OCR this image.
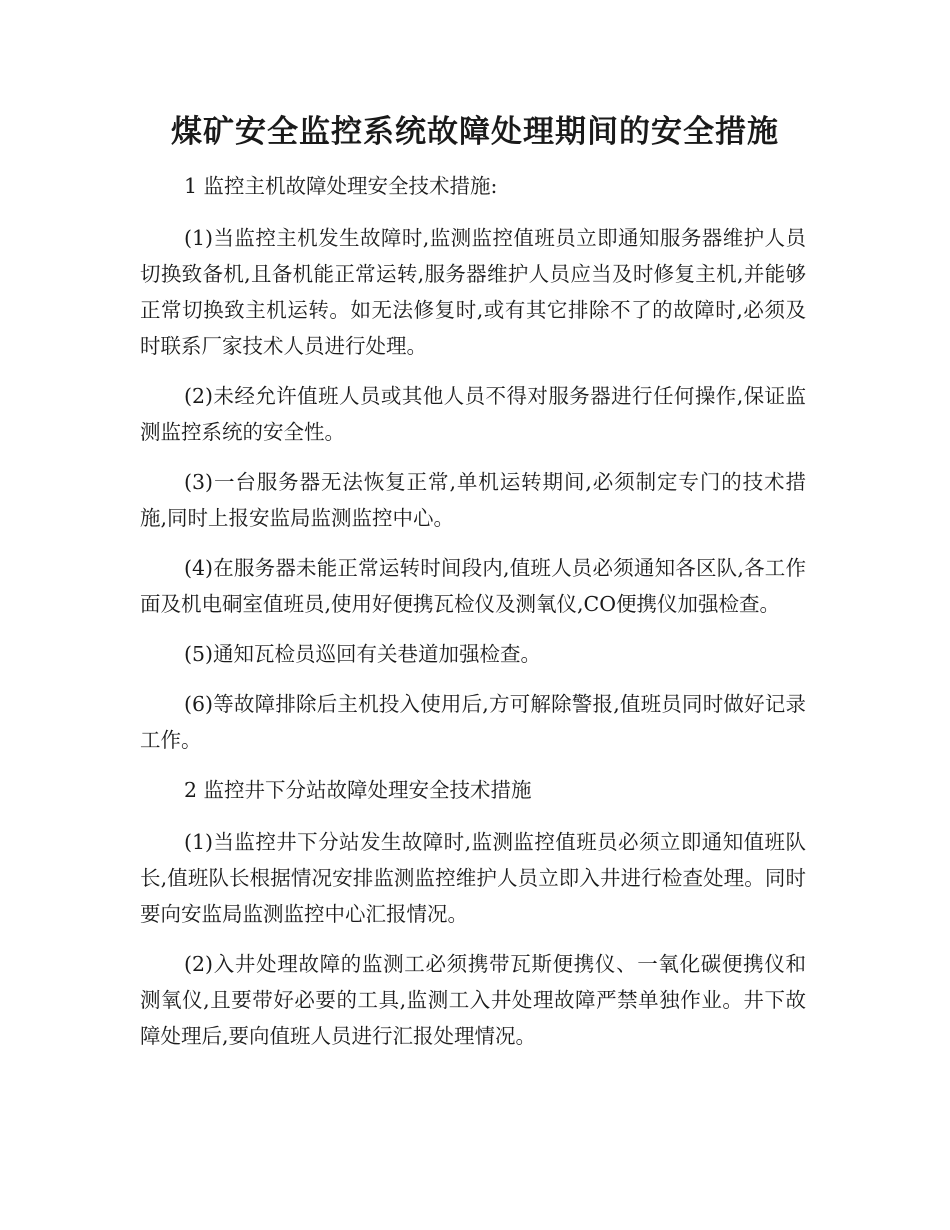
煤矿安全监控系统故障处理期间的安全措施

1 监控主机故障处理安全技术措施:

(1)当监控主机发生故障时,监测监控值班员立即通知服务器维护人员切换致备机,且备机能正常运转,服务器维护人员应当及时修复主机,并能够正常切换致主机运转。如无法修复时,或有其它排除不了的故障时,必须及时联系厂家技术人员进行处理。

(2)未经允许值班人员或其他人员不得对服务器进行任何操作,保证监测监控系统的安全性。

(3)一台服务器无法恢复正常,单机运转期间,必须制定专门的技术措施,同时上报安监局监测监控中心。

(4)在服务器未能正常运转时间段内,值班人员必须通知各区队,各工作面及机电硐室值班员,使用好便携瓦检仪及测氧仪,CO便携仪加强检查。

(5)通知瓦检员巡回有关巷道加强检查。

(6)等故障排除后主机投入使用后,方可解除警报,值班员同时做好记录工作。

2 监控井下分站故障处理安全技术措施

(1)当监控井下分站发生故障时,监测监控值班员必须立即通知值班队长,值班队长根据情况安排监测监控维护人员立即入井进行检查处理。同时要向安监局监测监控中心汇报情况。

(2)入井处理故障的监测工必须携带瓦斯便携仪、一氧化碳便携仪和测氧仪,且要带好必要的工具,监测工入井处理故障严禁单独作业。井下故障处理后,要向值班人员进行汇报处理情况。
